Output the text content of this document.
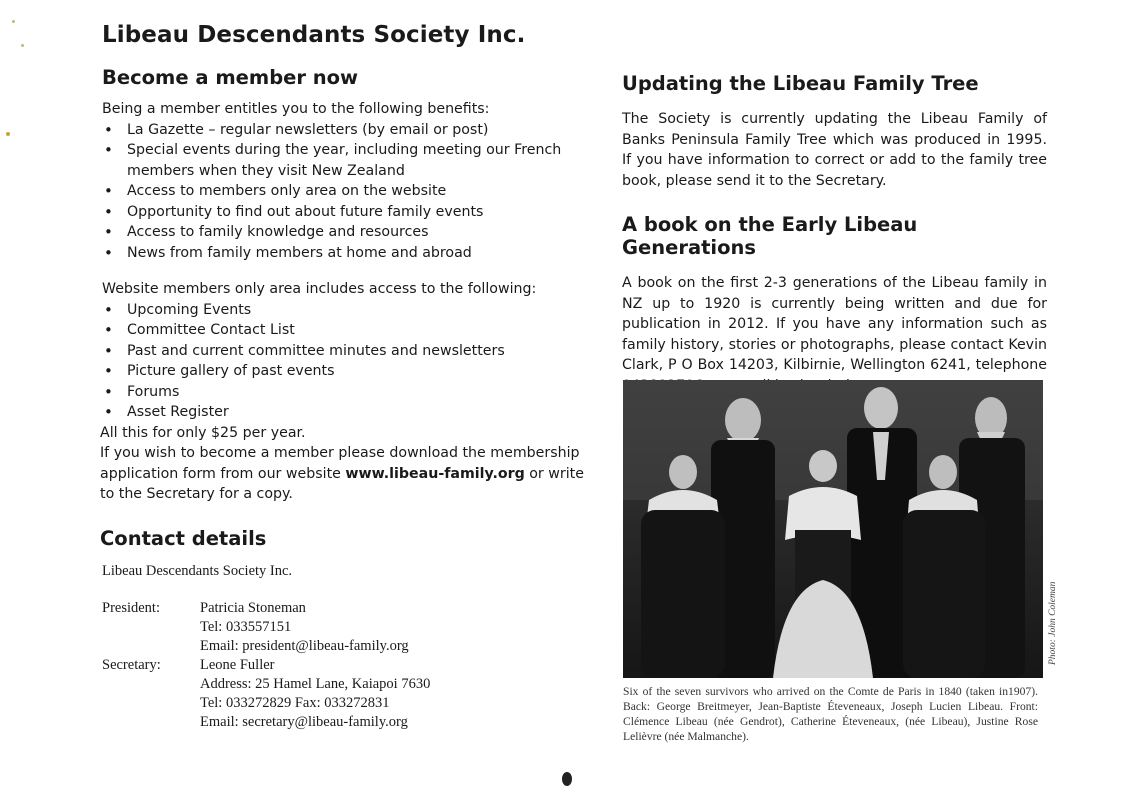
Libeau Descendants Society Inc.
Become a member now

Being a member entitles you to the following benefits:

• La Gazette – regular newsletters (by email or post)
• Special events during the year, including meeting our French members when they visit New Zealand
• Access to members only area on the website
• Opportunity to find out about future family events
• Access to family knowledge and resources
• News from family members at home and abroad

Website members only area includes access to the following:

• Upcoming Events
• Committee Contact List
• Past and current committee minutes and newsletters
• Picture gallery of past events
• Forums
• Asset Register

All this for only $25 per year.

If you wish to become a member please download the membership application form from our website www.libeau-family.org or write to the Secretary for a copy.

Contact details
Libeau Descendants Society Inc.
President:	Patricia Stoneman
Tel: 033557151
Email: president@libeau-family.org
Secretary:	Leone Fuller
Address: 25 Hamel Lane, Kaiapoi 7630
Tel: 033272829 Fax: 033272831
Email: secretary@libeau-family.org
Updating the Libeau Family Tree

The Society is currently updating the Libeau Family of Banks Peninsula Family Tree which was produced in 1995. If you have information to correct or add to the family tree book, please send it to the Secretary.

A book on the Early Libeau Generations

A book on the first 2-3 generations of the Libeau family in NZ up to 1920 is currently being written and due for publication in 2012. If you have any information such as family history, stories or photographs, please contact Kevin Clark, P O Box 14203, Kilbirnie, Wellington 6241, telephone

Photo: John Coleman
Six of the seven survivors who arrived on the Comte de Paris in 1840 (taken in1907). Back: George Breitmeyer, Jean-Baptiste Éteveneaux, Joseph Lucien Libeau. Front: Clémence Libeau (née Gendrot), Catherine Éteveneaux, (née Libeau), Justine Rose Lelièvre (née Malmanche).
